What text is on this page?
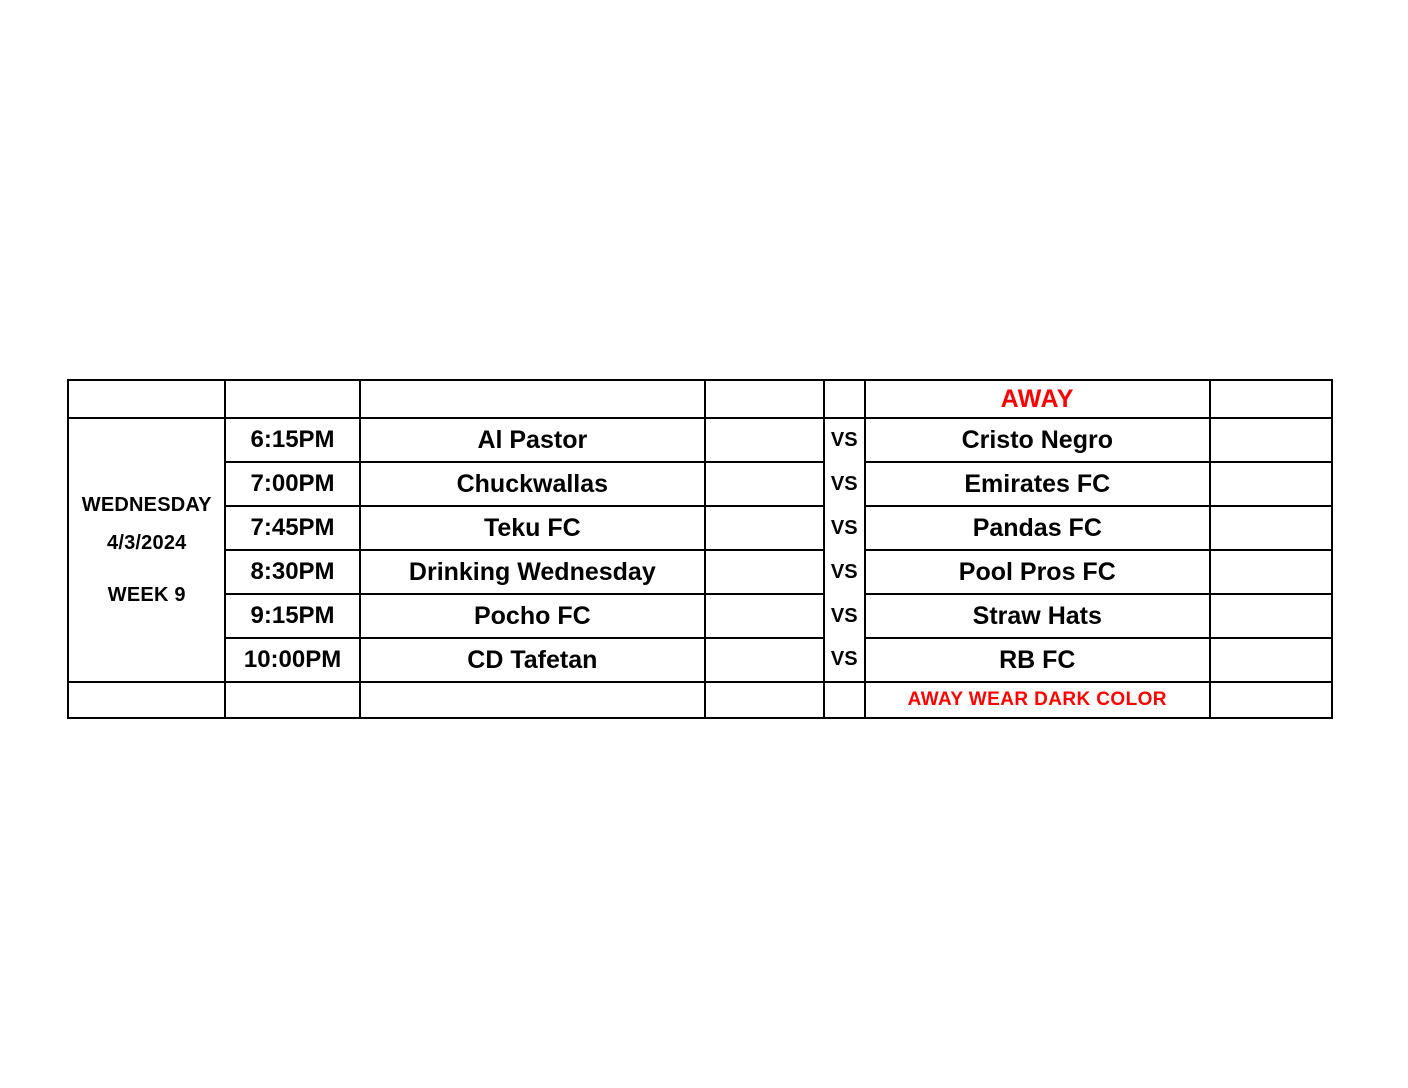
		HOME			AWAY	

WEDNESDAY
4/3/2024
WEEK 9	6:15PM	Al Pastor		VS	Cristo Negro	
	7:00PM	Chuckwallas		VS	Emirates FC	
	7:45PM	Teku FC		VS	Pandas FC	
	8:30PM	Drinking Wednesday		VS	Pool Pros FC	
	9:15PM	Pocho FC		VS	Straw Hats	
	10:00PM	CD Tafetan		VS	RB FC	
		HOME WEARS LIGHT COLOR			AWAY WEAR DARK COLOR	
